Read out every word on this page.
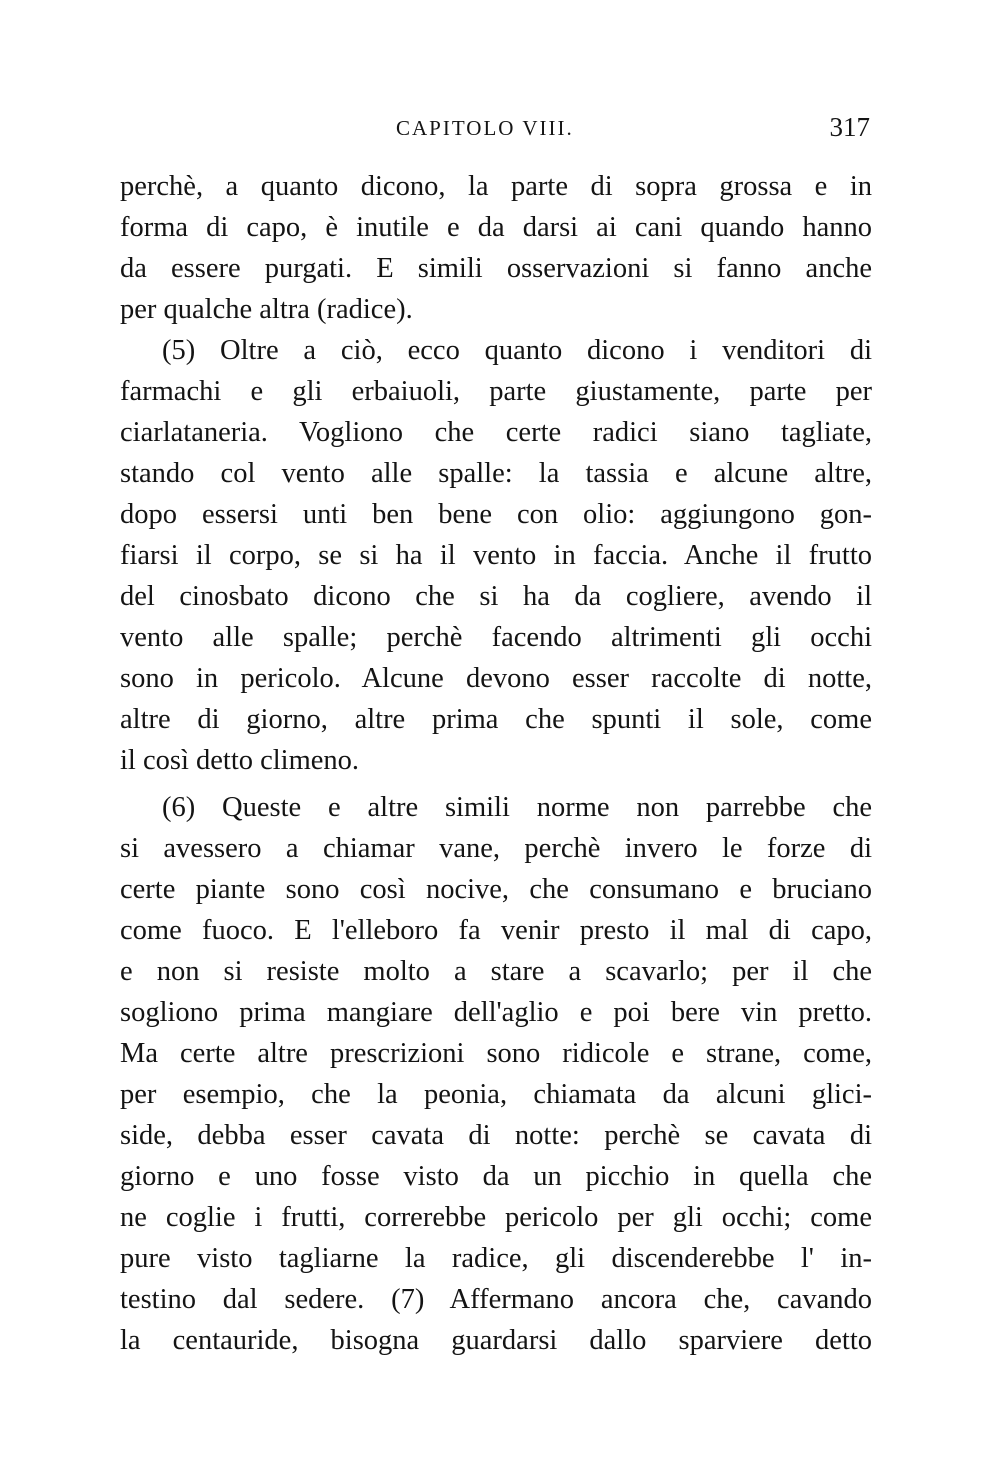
CAPITOLO VIII.	317
perchè, a quanto dicono, la parte di sopra grossa e in
forma di capo, è inutile e da darsi ai cani quando hanno
da essere purgati. E simili osservazioni si fanno anche
per qualche altra (radice).
(5) Oltre a ciò, ecco quanto dicono i venditori di
farmachi e gli erbaiuoli, parte giustamente, parte per
ciarlataneria. Vogliono che certe radici siano tagliate,
stando col vento alle spalle: la tassia e alcune altre,
dopo essersi unti ben bene con olio: aggiungono gon-
fiarsi il corpo, se si ha il vento in faccia. Anche il frutto
del cinosbato dicono che si ha da cogliere, avendo il
vento alle spalle; perchè facendo altrimenti gli occhi
sono in pericolo. Alcune devono esser raccolte di notte,
altre di giorno, altre prima che spunti il sole, come
il così detto climeno.
(6) Queste e altre simili norme non parrebbe che
si avessero a chiamar vane, perchè invero le forze di
certe piante sono così nocive, che consumano e bruciano
come fuoco. E l'elleboro fa venir presto il mal di capo,
e non si resiste molto a stare a scavarlo; per il che
sogliono prima mangiare dell'aglio e poi bere vin pretto.
Ma certe altre prescrizioni sono ridicole e strane, come,
per esempio, che la peonia, chiamata da alcuni glici-
side, debba esser cavata di notte: perchè se cavata di
giorno e uno fosse visto da un picchio in quella che
ne coglie i frutti, correrebbe pericolo per gli occhi; come
pure visto tagliarne la radice, gli discenderebbe l' in-
testino dal sedere. (7) Affermano ancora che, cavando
la centauride, bisogna guardarsi dallo sparviere detto
